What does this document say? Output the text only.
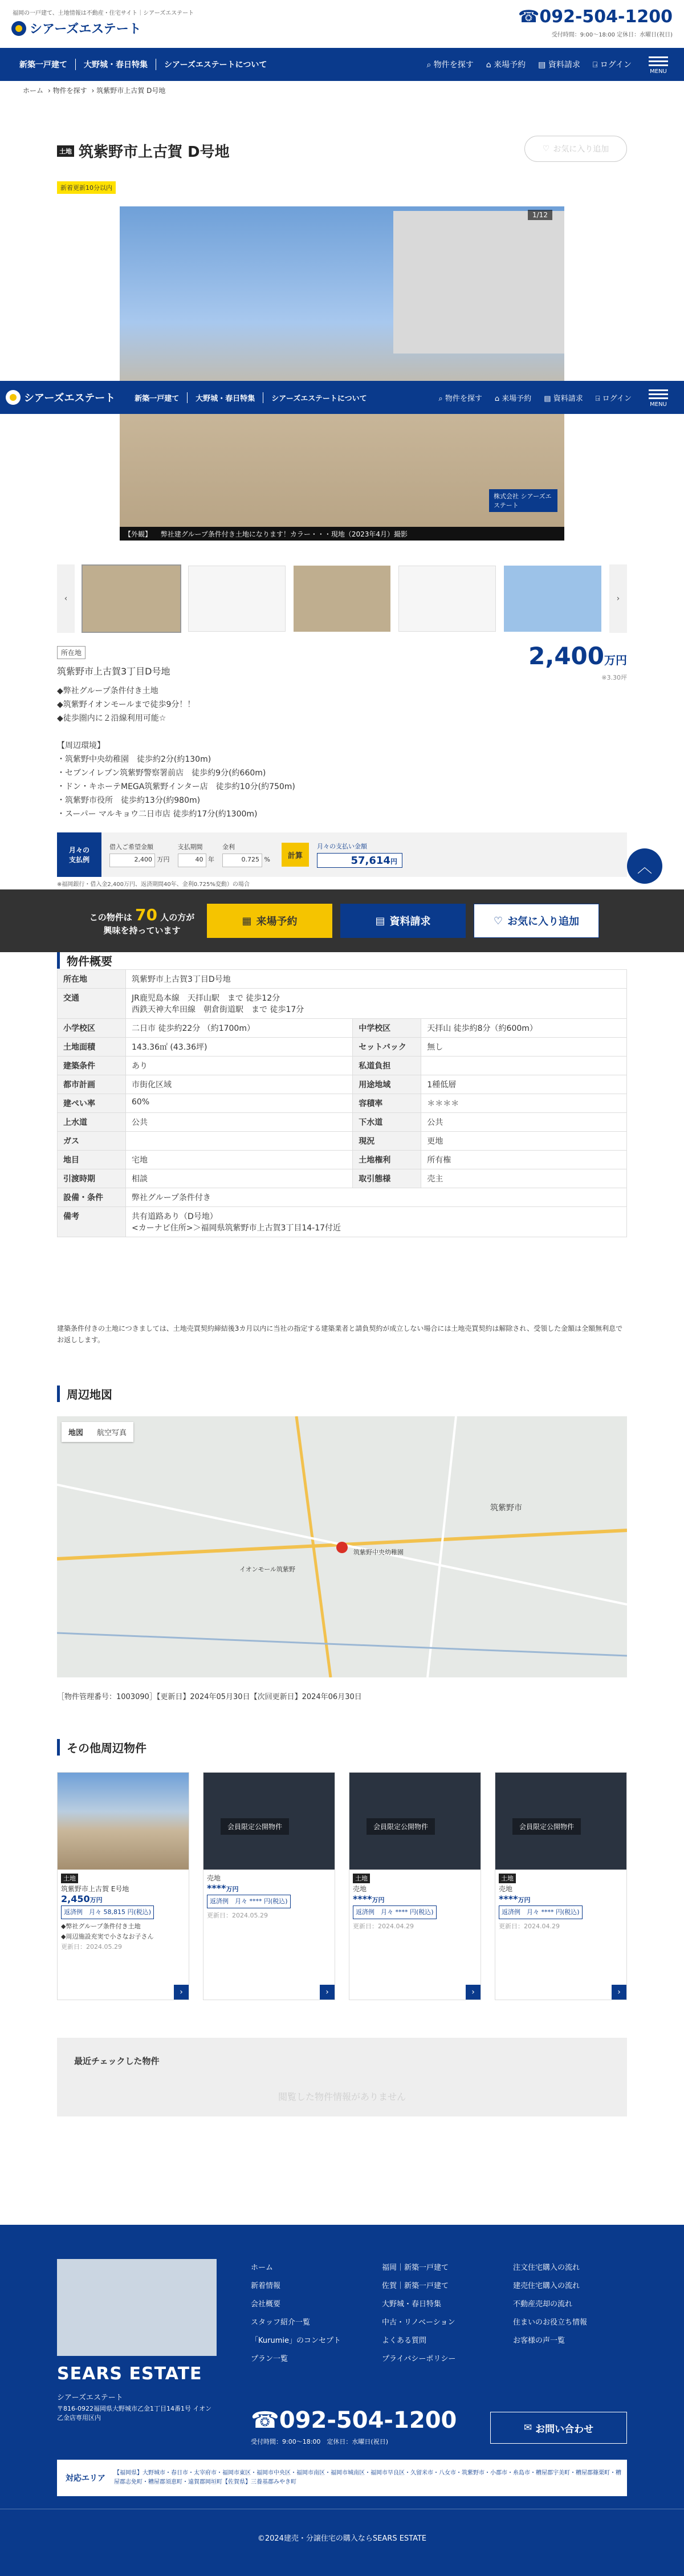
福岡の一戸建て、土地情報は不動産・住宅サイト｜シアーズエステート
シアーズエステート
☎092-504-1200
受付時間：9:00〜18:00 定休日：水曜日(祝日)
新築一戸建て	大野城・春日特集	シアーズエステートについて	⌕ 物件を探す ⌂ 来場予約 ▤ 資料請求 ⍈ ログイン
MENU
ホーム › 物件を探す › 筑紫野市上古賀 D号地
土地 筑紫野市上古賀 D号地	♡ お気に入り追加
新着更新10分以内
1/12
株式会社 シアーズエステート
【外観】 　弊社建グループ条件付き土地になります！カラー・・・現地（2023年4月）撮影
シアーズエステート	新築一戸建て	大野城・春日特集	シアーズエステートについて	⌕ 物件を探す ⌂ 来場予約 ▤ 資料請求 ⍈ ログイン
MENU
‹	›
所在地
筑紫野市上古賀3丁目D号地
2,400万円
※3.30坪
◆弊社グループ条件付き土地
◆筑紫野イオンモールまで徒歩9分！！
◆徒歩圏内に２沿線利用可能☆

【周辺環境】
・筑紫野中央幼稚園　徒歩約2分(約130m)
・セブンイレブン筑紫野警察署前店　徒歩約9分(約660m)
・ドン・キホーテMEGA筑紫野インター店　徒歩約10分(約750m)
・筑紫野市役所　徒歩約13分(約980m)
・スーパー マルキョウ二日市店 徒歩約17分(約1300m)
月々の
支払例
借入ご希望金額
2,400 万円
支払期間
40 年
金利
0.725 %	計算
月々の支払い金額
57,614円
※福岡銀行・借入金2,400万円、返済期間40年、金利0.725%変動）の場合
︿
この物件は 70 人の方が
興味を持っています
▦ 来場予約	▤ 資料請求	♡ お気に入り追加
物件概要
所在地	筑紫野市上古賀3丁目D号地		
交通	JR鹿児島本線　天拝山駅　まで 徒歩12分
西鉄天神大牟田線　朝倉街道駅　まで 徒歩17分		
小学校区	二日市 徒歩約22分 （約1700m）	中学校区	天拝山 徒歩約8分（約600m）
土地面積	143.36㎡ (43.36坪)	セットバック	無し
建築条件	あり	私道負担	
都市計画	市街化区域	用途地域	1種低層
建ぺい率	60%	容積率	＊＊＊＊
上水道	公共	下水道	公共
ガス		現況	更地
地目	宅地	土地権利	所有権
引渡時期	相談	取引態様	売主
設備・条件	弊社グループ条件付き		
備考	共有道路あり（D号地）
<カーナビ住所>＞福岡県筑紫野市上古賀3丁目14-17付近		
建築条件付きの土地につきましては、土地売買契約締結後3カ月以内に当社の指定する建築業者と請負契約が成立しない場合には土地売買契約は解除され、受領した金額は全額無利息でお返しします。
周辺地図
筑紫野市
イオンモール筑紫野
筑紫野中央幼稚園
地図	航空写真
［物件管理番号：1003090］【更新日】2024年05月30日【次回更新日】2024年06月30日
その他周辺物件
土地

筑紫野市上古賀 E号地
2,450万円
返済例　月々 58,815 円(税込)
◆弊社グループ条件付き土地
◆周辺施設充実で小さなお子さん
更新日：2024.05.29
›
会員限定公開物件
売地
****万円
返済例　月々 **** 円(税込)
更新日：2024.05.29
›
会員限定公開物件
土地

売地
****万円
返済例　月々 **** 円(税込)
更新日：2024.04.29
›
会員限定公開物件
土地

売地
****万円
返済例　月々 **** 円(税込)
更新日：2024.04.29
›
最近チェックした物件
閲覧した物件情報がありません
SEARS ESTATE
シアーズエステート
〒816-0922福岡県大野城市乙金1丁目14番1号 イオン乙金店専用区内
ホーム
新着情報
会社概要
スタッフ紹介一覧
「Kurumie」のコンセプト
プラン一覧
福岡｜新築一戸建て
佐賀｜新築一戸建て
大野城・春日特集
中古・リノベーション
よくある質問
プライバシーポリシー
注文住宅購入の流れ
建売住宅購入の流れ
不動産売却の流れ
住まいのお役立ち情報
お客様の声一覧
☎092-504-1200
受付時間：9:00〜18:00　定休日：水曜日(祝日)
✉ お問い合わせ
対応エリア
【福岡県】大野城市・春日市・太宰府市・福岡市東区・福岡市中央区・福岡市南区・福岡市城南区・福岡市早良区・久留米市・八女市・筑紫野市・小郡市・糸島市・糟屋郡宇美町・糟屋郡篠栗町・糟屋郡志免町・糟屋郡須恵町・遠賀郡岡垣町【佐賀県】三養基郡みやき町
©2024建売・分譲住宅の購入ならSEARS ESTATE
